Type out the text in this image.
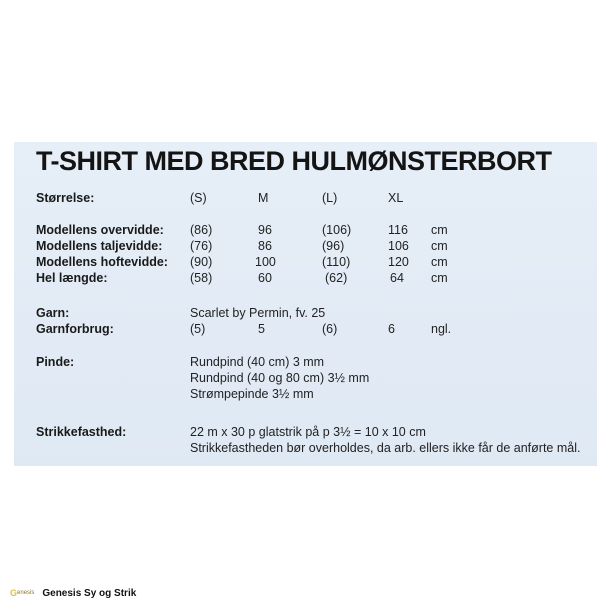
T-SHIRT MED BRED HULMØNSTERBORT
Størrelse:	(S)	M	(L)	XL
Modellens overvidde: (86)	96	(106)	116 cm
Modellens taljevidde: (76)	86	(96)	106 cm
Modellens hoftevidde: (90)	100	(110)	120 cm
Hel længde:	(58)	60	(62)	64 cm
Garn:	Scarlet by Permin, fv. 25
Garnforbrug:	(5)	5	(6)	6	ngl.
Pinde:	Rundpind (40 cm) 3 mm
Rundpind (40 og 80 cm) 3½ mm
Strømpepinde 3½ mm
Strikkefasthed:	22 m x 30 p glatstrik på p 3½ = 10 x 10 cm
Strikkefastheden bør overholdes, da arb. ellers ikke får de anførte mål.
G enesis Genesis Sy og Strik
